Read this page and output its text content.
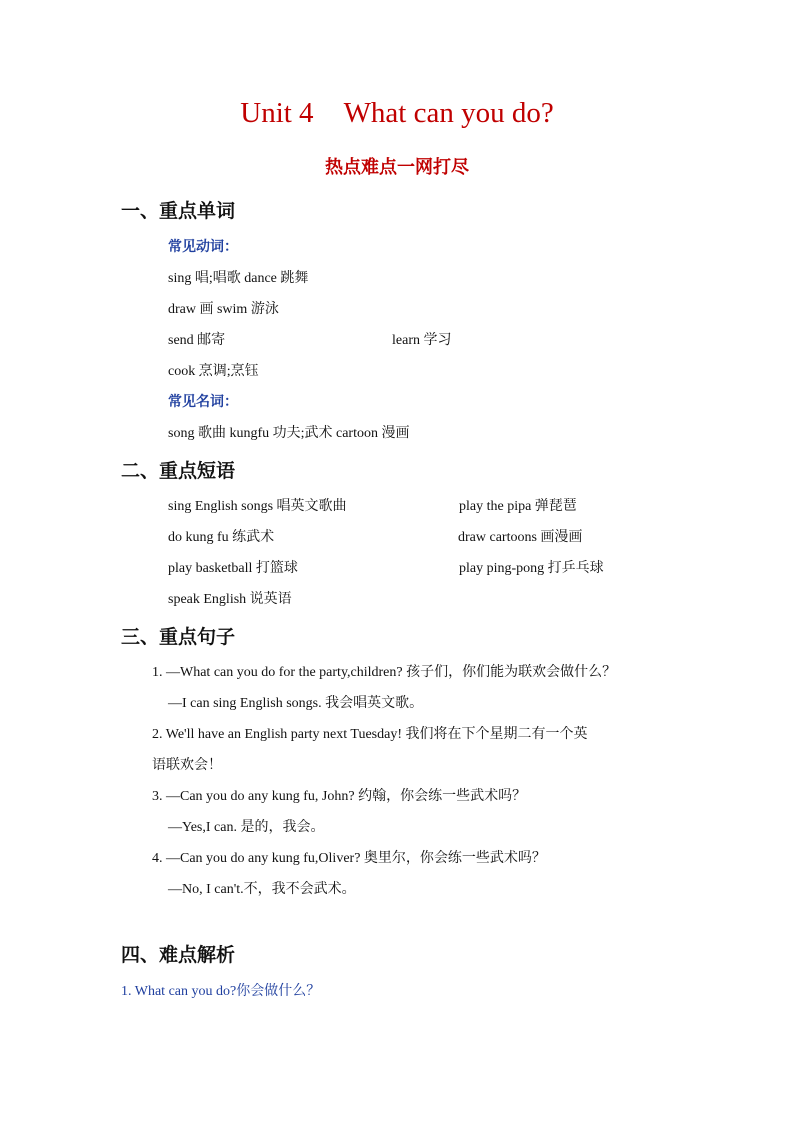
Unit 4 What can you do?
热点难点一网打尽
一、重点单词
常见动词：
sing 唱;唱歌 dance 跳舞
draw 画 swim 游泳
send 邮寄	learn 学习
cook 烹调;烹钰
常见名词：
song 歌曲 kungfu 功夫;武术 cartoon 漫画
二、重点短语
sing English songs 唱英文歌曲	play the pipa 弹琵琶
do kung fu 练武术	draw cartoons 画漫画
play basketball 打篮球	play ping-pong 打乒乓球
speak English 说英语
三、重点句子
1. —What can you do for the party,children? 孩子们，你们能为联欢会做什么？
—I can sing English songs. 我会唱英文歌。
2. We'll have an English party next Tuesday! 我们将在下个星期二有一个英
语联欢会！
3. —Can you do any kung fu, John? 约翰，你会练一些武术吗？
—Yes,I can. 是的，我会。
4. —Can you do any kung fu,Oliver? 奥里尔，你会练一些武术吗？
—No, I can't.不，我不会武术。
四、难点解析
1. What can you do?你会做什么？
